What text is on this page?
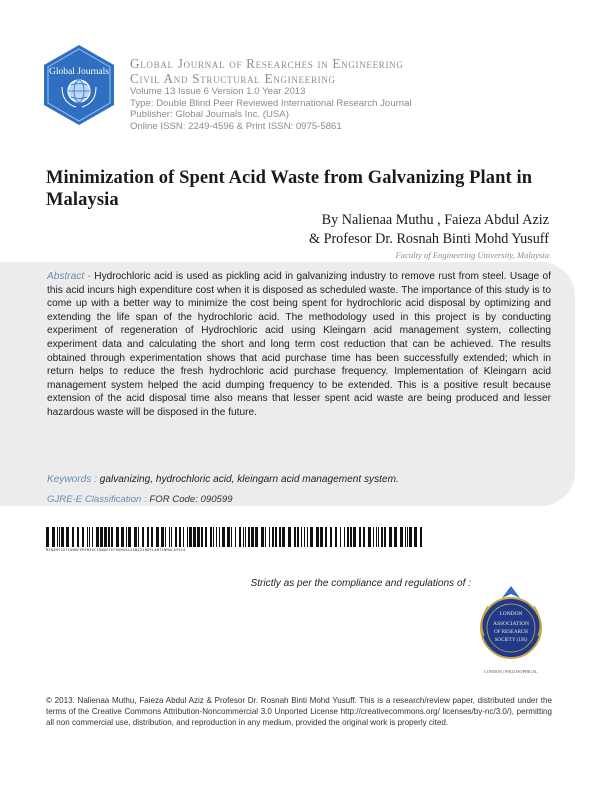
Global Journals
Global Journal of Researches in Engineering
Civil And Structural Engineering
Volume 13 Issue 6 Version 1.0 Year 2013
Type: Double Blind Peer Reviewed International Research Journal
Publisher: Global Journals Inc. (USA)
Online ISSN: 2249-4596 & Print ISSN: 0975-5861
Minimization of Spent Acid Waste from Galvanizing Plant in Malaysia
By Nalienaa Muthu , Faieza Abdul Aziz
& Profesor Dr. Rosnah Binti Mohd Yusuff
Faculty of Engineering University, Malaysia

Abstract - Hydrochloric acid is used as pickling acid in galvanizing industry to remove rust from steel. Usage of this acid incurs high expenditure cost when it is disposed as scheduled waste. The importance of this study is to come up with a better way to minimize the cost being spent for hydrochloric acid disposal by optimizing and extending the life span of the hydrochloric acid. The methodology used in this project is by conducting experiment of regeneration of Hydrochloric acid using Kleingarn acid management system, collecting experiment data and calculating the short and long term cost reduction that can be achieved. The results obtained through experimentation shows that acid purchase time has been successfully extended; which in return helps to reduce the fresh hydrochloric acid purchase frequency. Implementation of Kleingarn acid management system helped the acid dumping frequency to be extended. This is a positive result because extension of the acid disposal time also means that lesser spent acid waste are being produced and lesser hazardous waste will be disposed in the future.

Keywords : galvanizing, hydrochloric acid, kleingarn acid management system.
GJRE-E Classification : FOR Code: 090599
MINIMIZATIONOFSPENTACIDWASTEFROMGALVANIZINGPLANTINMALAYSIA
Strictly as per the compliance and regulations of :
LONDON
ASSOCIATION
OF RESEARCH
SOCIETY (UK)
LONDON | PHILOSOPHICAL

© 2013. Nalienaa Muthu, Faieza Abdul Aziz & Profesor Dr. Rosnah Binti Mohd Yusuff. This is a research/review paper, distributed under the terms of the Creative Commons Attribution-Noncommercial 3.0 Unported License http://creativecommons.org/ licenses/by-nc/3.0/), permitting all non commercial use, distribution, and reproduction in any medium, provided the original work is properly cited.
